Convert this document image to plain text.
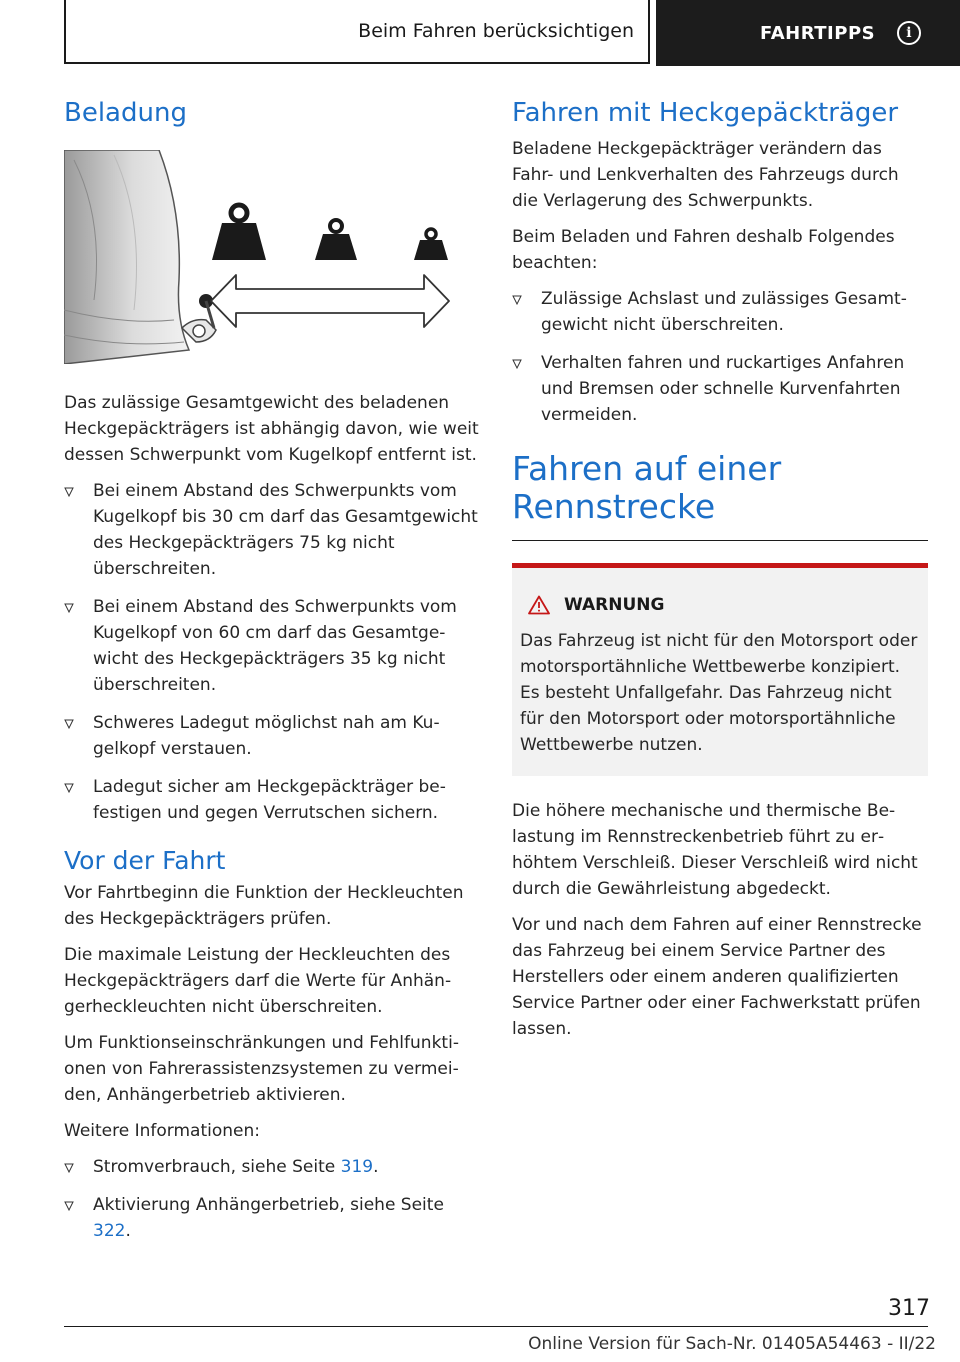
Beim Fahren berücksichtigen	FAHRTIPPS	i
Beladung

Das zulässige Gesamtgewicht des beladenen Heckgepäckträgers ist abhängig davon, wie weit dessen Schwerpunkt vom Kugelkopf entfernt ist.

Bei einem Abstand des Schwerpunkts vom Kugelkopf bis 30 cm darf das Gesamtgewicht des Heckgepäckträgers 75 kg nicht überschreiten.
Bei einem Abstand des Schwerpunkts vom Kugelkopf von 60 cm darf das Gesamtgewicht des Heckgepäckträgers 35 kg nicht überschreiten.
Schweres Ladegut möglichst nah am Kugelkopf verstauen.
Ladegut sicher am Heckgepäckträger befestigen und gegen Verrutschen sichern.
Vor der Fahrt

Vor Fahrtbeginn die Funktion der Heckleuchten des Heckgepäckträgers prüfen.

Die maximale Leistung der Heckleuchten des Heckgepäckträgers darf die Werte für Anhängerheckleuchten nicht überschreiten.

Um Funktionseinschränkungen und Fehlfunktionen von Fahrerassistenzsystemen zu vermeiden, Anhängerbetrieb aktivieren.

Weitere Informationen:

Stromverbrauch, siehe Seite 319.
Aktivierung Anhängerbetrieb, siehe Seite 322.
Fahren mit Heckgepäckträger

Beladene Heckgepäckträger verändern das Fahr- und Lenkverhalten des Fahrzeugs durch die Verlagerung des Schwerpunkts.

Beim Beladen und Fahren deshalb Folgendes beachten:

Zulässige Achslast und zulässiges Gesamtgewicht nicht überschreiten.
Verhalten fahren und ruckartiges Anfahren und Bremsen oder schnelle Kurvenfahrten vermeiden.
Fahren auf einer
Rennstrecke
WARNUNG

Das Fahrzeug ist nicht für den Motorsport oder motorsportähnliche Wettbewerbe konzipiert. Es besteht Unfallgefahr. Das Fahrzeug nicht für den Motorsport oder motorsportähnliche Wettbewerbe nutzen.

Die höhere mechanische und thermische Belastung im Rennstreckenbetrieb führt zu erhöhtem Verschleiß. Dieser Verschleiß wird nicht durch die Gewährleistung abgedeckt.

Vor und nach dem Fahren auf einer Rennstrecke das Fahrzeug bei einem Service Partner des Herstellers oder einem anderen qualifizierten Service Partner oder einer Fachwerkstatt prüfen lassen.

317
Online Version für Sach-Nr. 01405A54463 - II/22
